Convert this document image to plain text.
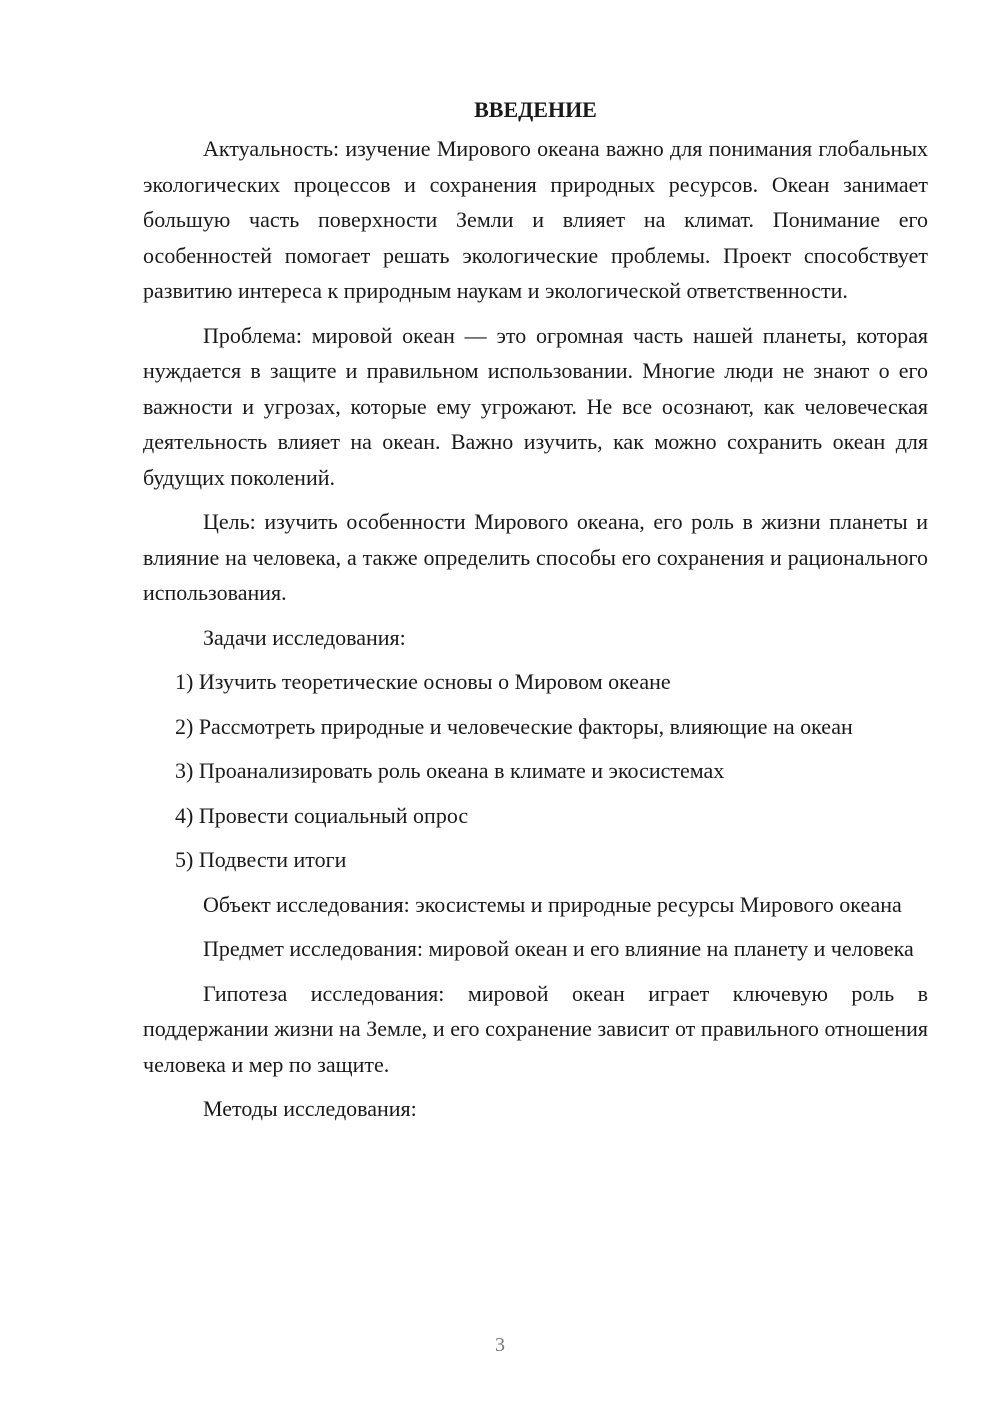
ВВЕДЕНИЕ

Актуальность: изучение Мирового океана важно для понимания глобальных экологических процессов и сохранения природных ресурсов. Океан занимает большую часть поверхности Земли и влияет на климат. Понимание его особенностей помогает решать экологические проблемы. Проект способствует развитию интереса к природным наукам и экологической ответственности.

Проблема: мировой океан — это огромная часть нашей планеты, которая нуждается в защите и правильном использовании. Многие люди не знают о его важности и угрозах, которые ему угрожают. Не все осознают, как человеческая деятельность влияет на океан. Важно изучить, как можно сохранить океан для будущих поколений.

Цель: изучить особенности Мирового океана, его роль в жизни планеты и влияние на человека, а также определить способы его сохранения и рационального использования.

Задачи исследования:

1) Изучить теоретические основы о Мировом океане

2) Рассмотреть природные и человеческие факторы, влияющие на океан

3) Проанализировать роль океана в климате и экосистемах

4) Провести социальный опрос

5) Подвести итоги

Объект исследования: экосистемы и природные ресурсы Мирового океана

Предмет исследования: мировой океан и его влияние на планету и человека

Гипотеза исследования: мировой океан играет ключевую роль в поддержании жизни на Земле, и его сохранение зависит от правильного отношения человека и мер по защите.

Методы исследования:

3
